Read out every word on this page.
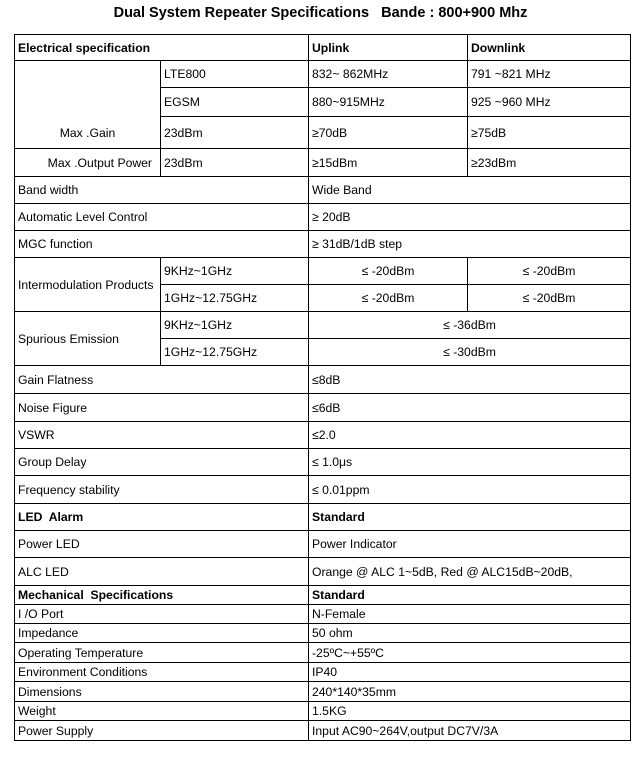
Dual System Repeater Specifications   Bande : 800+900 Mhz
Electrical specification		Uplink	Downlink
Max .Gain	LTE800	832~ 862MHz	791 ~821 MHz
	EGSM	880~915MHz	925 ~960 MHz
	23dBm	≥70dB	≥75dB
Max .Output Power	23dBm	≥15dBm	≥23dBm
Band width		Wide Band	
Automatic Level Control		≥ 20dB	
MGC function		≥ 31dB/1dB step	
Intermodulation Products	9KHz~1GHz	≤ -20dBm	≤ -20dBm
	1GHz~12.75GHz	≤ -20dBm	≤ -20dBm
Spurious Emission	9KHz~1GHz	≤ -36dBm	
	1GHz~12.75GHz	≤ -30dBm	
Gain Flatness		≤8dB	
Noise Figure		≤6dB	
VSWR		≤2.0	
Group Delay		≤ 1.0μs	
Frequency stability		≤ 0.01ppm	
LED  Alarm		Standard	
Power LED		Power Indicator	
ALC LED		Orange @ ALC 1~5dB, Red @ ALC15dB~20dB,	
Mechanical  Specifications		Standard	
I /O Port		N-Female	
Impedance		50 ohm	
Operating Temperature		-25ºC~+55ºC	
Environment Conditions		IP40	
Dimensions		240*140*35mm	
Weight		1.5KG	
Power Supply		Input AC90~264V,output DC7V/3A	
